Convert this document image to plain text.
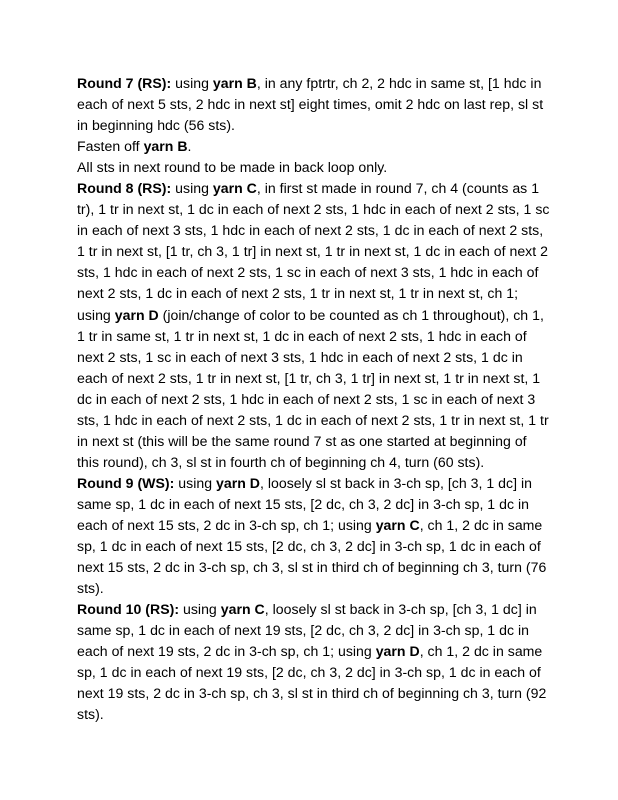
Round 7 (RS): using yarn B, in any fptrtr, ch 2, 2 hdc in same st, [1 hdc in each of next 5 sts, 2 hdc in next st] eight times, omit 2 hdc on last rep, sl st in beginning hdc (56 sts).

Fasten off yarn B.

All sts in next round to be made in back loop only.

Round 8 (RS): using yarn C, in first st made in round 7, ch 4 (counts as 1 tr), 1 tr in next st, 1 dc in each of next 2 sts, 1 hdc in each of next 2 sts, 1 sc in each of next 3 sts, 1 hdc in each of next 2 sts, 1 dc in each of next 2 sts, 1 tr in next st, [1 tr, ch 3, 1 tr] in next st, 1 tr in next st, 1 dc in each of next 2 sts, 1 hdc in each of next 2 sts, 1 sc in each of next 3 sts, 1 hdc in each of next 2 sts, 1 dc in each of next 2 sts, 1 tr in next st, 1 tr in next st, ch 1; using yarn D (join/change of color to be counted as ch 1 throughout), ch 1, 1 tr in same st, 1 tr in next st, 1 dc in each of next 2 sts, 1 hdc in each of next 2 sts, 1 sc in each of next 3 sts, 1 hdc in each of next 2 sts, 1 dc in each of next 2 sts, 1 tr in next st, [1 tr, ch 3, 1 tr] in next st, 1 tr in next st, 1 dc in each of next 2 sts, 1 hdc in each of next 2 sts, 1 sc in each of next 3 sts, 1 hdc in each of next 2 sts, 1 dc in each of next 2 sts, 1 tr in next st, 1 tr in next st (this will be the same round 7 st as one started at beginning of this round), ch 3, sl st in fourth ch of beginning ch 4, turn (60 sts).

Round 9 (WS): using yarn D, loosely sl st back in 3-ch sp, [ch 3, 1 dc] in same sp, 1 dc in each of next 15 sts, [2 dc, ch 3, 2 dc] in 3-ch sp, 1 dc in each of next 15 sts, 2 dc in 3-ch sp, ch 1; using yarn C, ch 1, 2 dc in same sp, 1 dc in each of next 15 sts, [2 dc, ch 3, 2 dc] in 3-ch sp, 1 dc in each of next 15 sts, 2 dc in 3-ch sp, ch 3, sl st in third ch of beginning ch 3, turn (76 sts).

Round 10 (RS): using yarn C, loosely sl st back in 3-ch sp, [ch 3, 1 dc] in same sp, 1 dc in each of next 19 sts, [2 dc, ch 3, 2 dc] in 3-ch sp, 1 dc in each of next 19 sts, 2 dc in 3-ch sp, ch 1; using yarn D, ch 1, 2 dc in same sp, 1 dc in each of next 19 sts, [2 dc, ch 3, 2 dc] in 3-ch sp, 1 dc in each of next 19 sts, 2 dc in 3-ch sp, ch 3, sl st in third ch of beginning ch 3, turn (92 sts).
